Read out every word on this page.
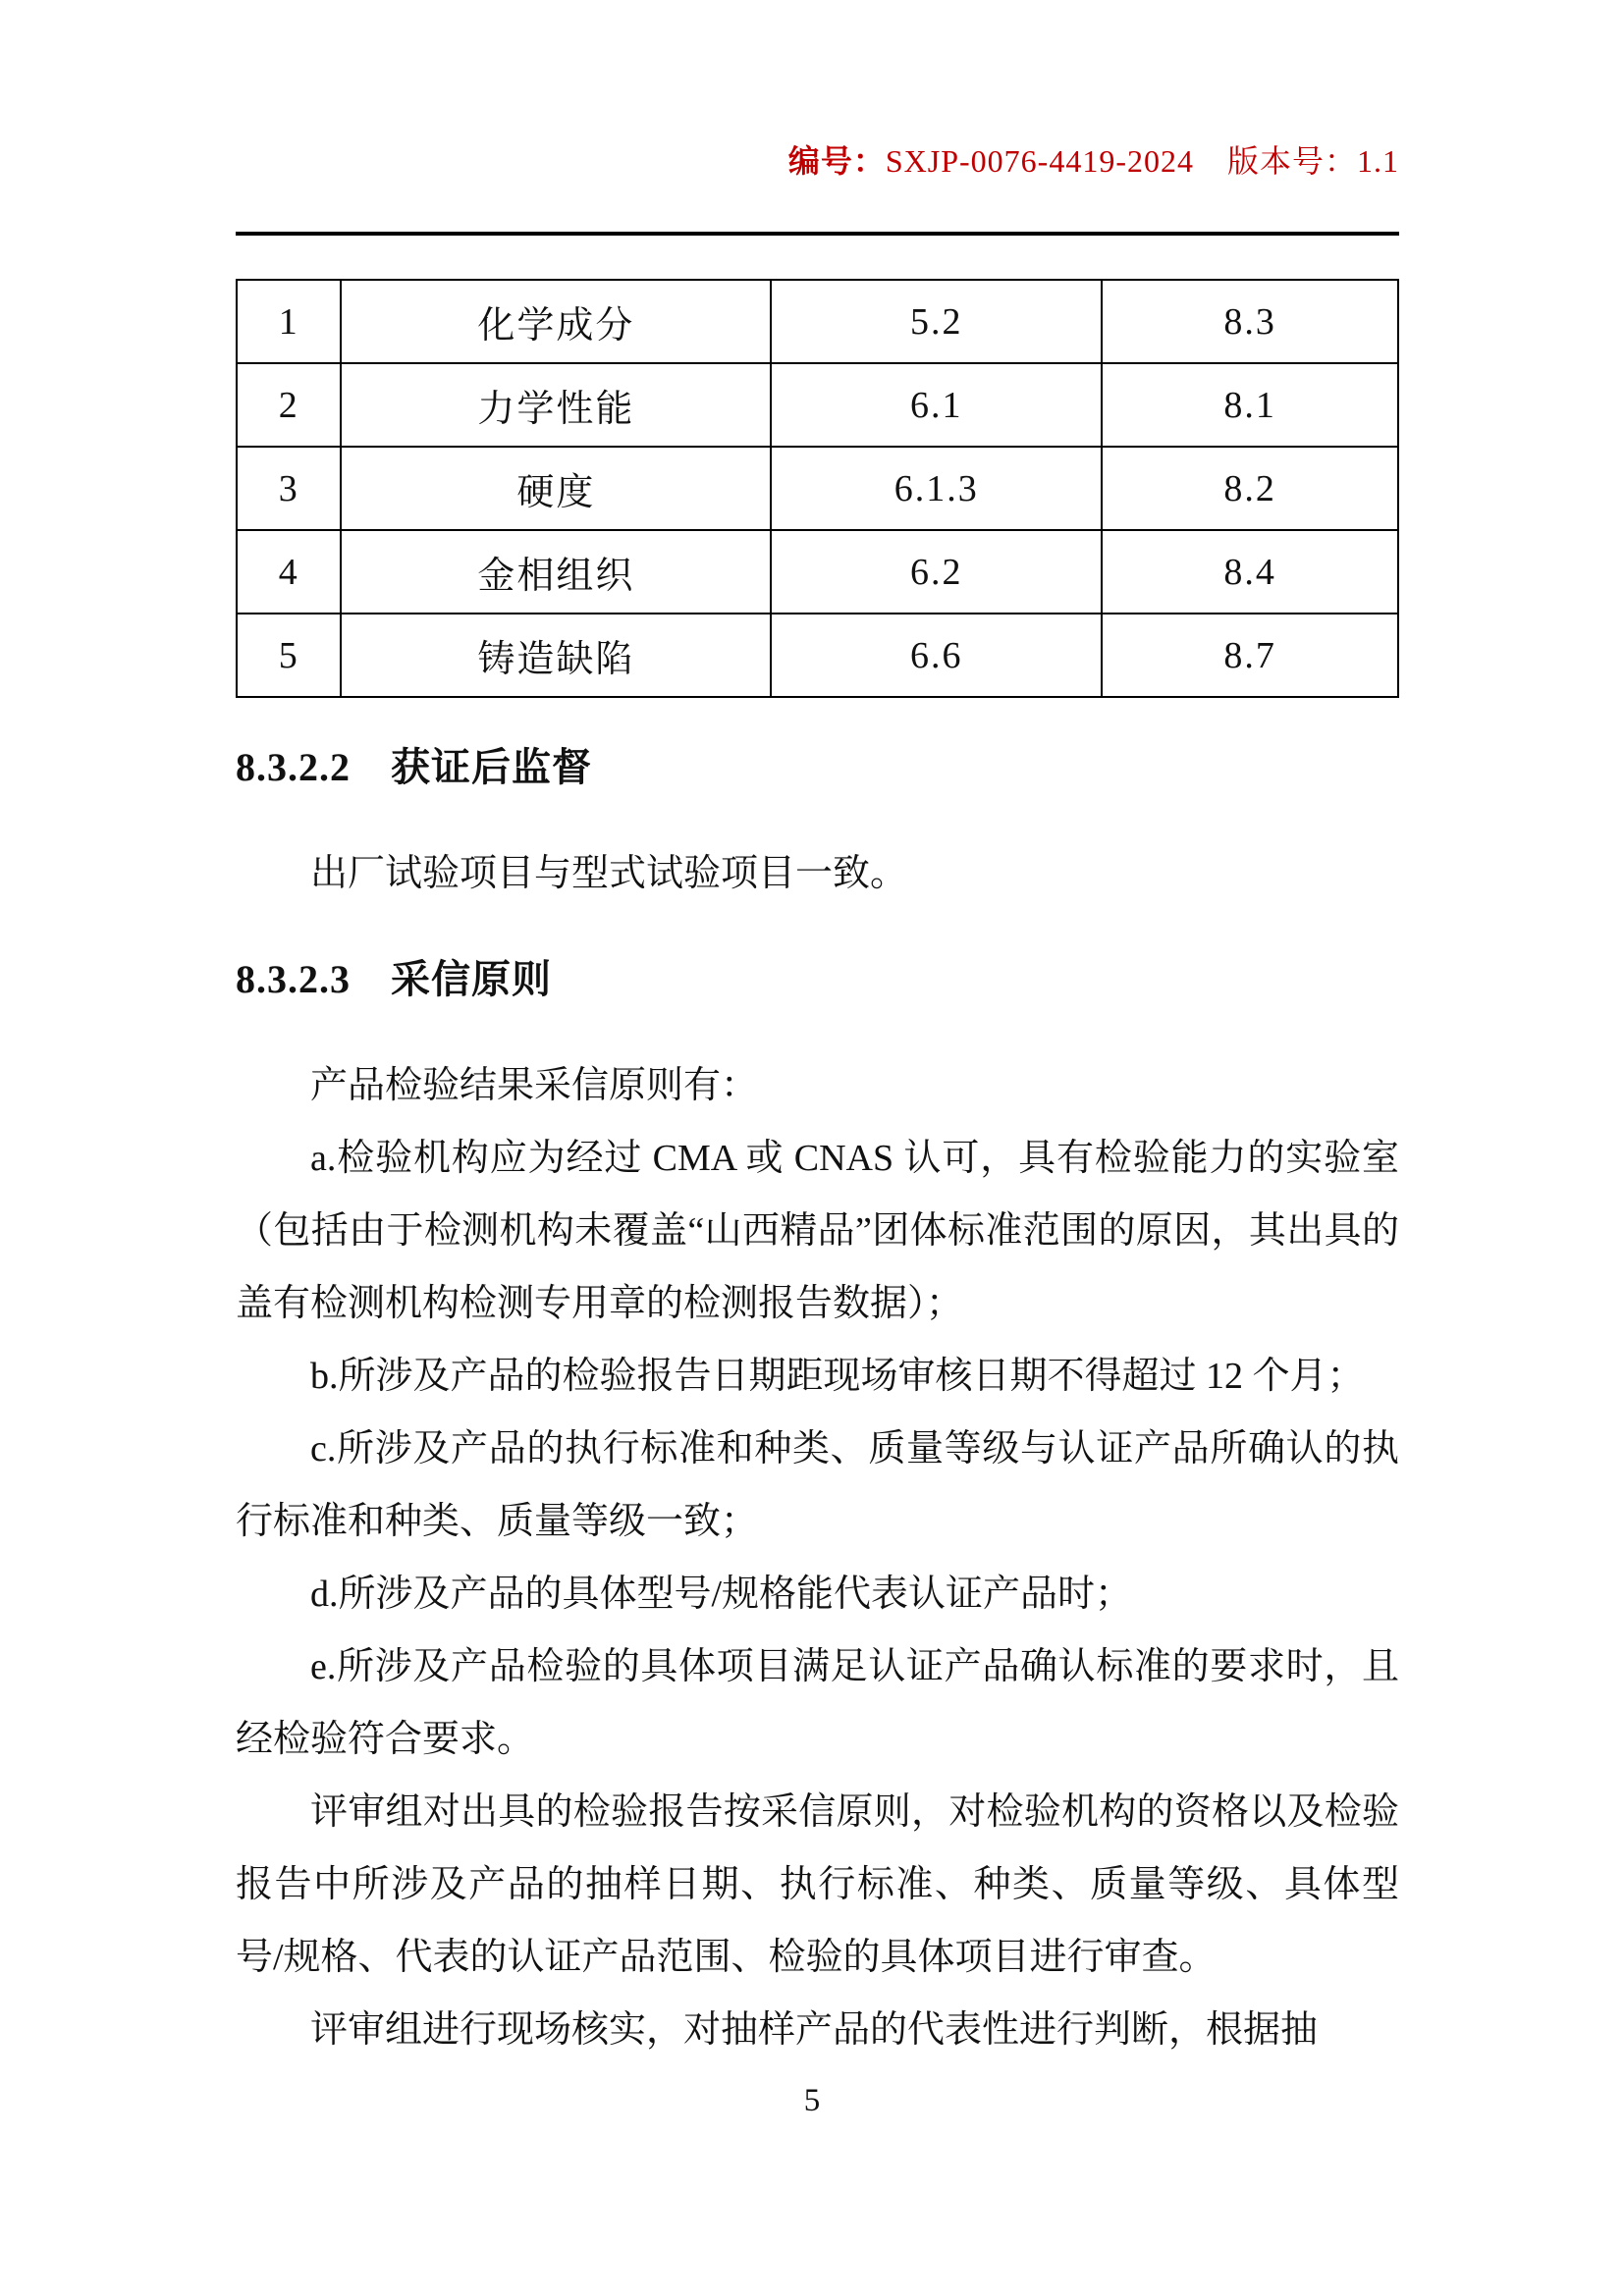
编号：SXJP-0076-4419-2024 版本号：1.1

1	化学成分	5.2	8.3
2	力学性能	6.1	8.1
3	硬度	6.1.3	8.2
4	金相组织	6.2	8.4
5	铸造缺陷	6.6	8.7
8.3.2.2　获证后监督

出厂试验项目与型式试验项目一致。

8.3.2.3　采信原则

产品检验结果采信原则有：

a.检验机构应为经过 CMA 或 CNAS 认可，具有检验能力的实验室（包括由于检测机构未覆盖“山西精品”团体标准范围的原因，其出具的盖有检测机构检测专用章的检测报告数据）；

b.所涉及产品的检验报告日期距现场审核日期不得超过 12 个月；

c.所涉及产品的执行标准和种类、质量等级与认证产品所确认的执行标准和种类、质量等级一致；

d.所涉及产品的具体型号/规格能代表认证产品时；

e.所涉及产品检验的具体项目满足认证产品确认标准的要求时，且经检验符合要求。

评审组对出具的检验报告按采信原则，对检验机构的资格以及检验报告中所涉及产品的抽样日期、执行标准、种类、质量等级、具体型号/规格、代表的认证产品范围、检验的具体项目进行审查。

评审组进行现场核实，对抽样产品的代表性进行判断，根据抽

5
